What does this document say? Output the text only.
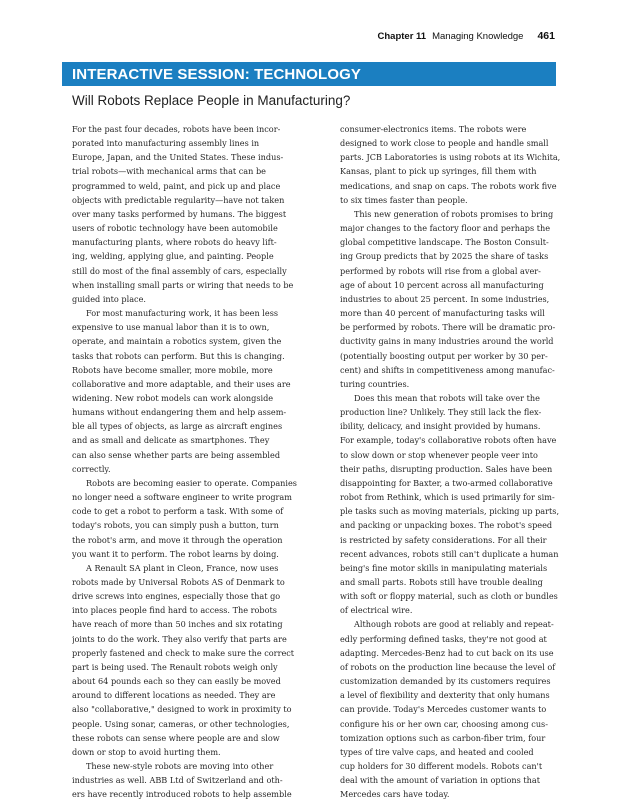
Chapter 11 Managing Knowledge 461
INTERACTIVE SESSION: TECHNOLOGY
Will Robots Replace People in Manufacturing?

For the past four decades, robots have been incor-

porated into manufacturing assembly lines in

Europe, Japan, and the United States. These indus-

trial robots—with mechanical arms that can be

programmed to weld, paint, and pick up and place

objects with predictable regularity—have not taken

over many tasks performed by humans. The biggest

users of robotic technology have been automobile

manufacturing plants, where robots do heavy lift-

ing, welding, applying glue, and painting. People

still do most of the final assembly of cars, especially

when installing small parts or wiring that needs to be

guided into place.

For most manufacturing work, it has been less

expensive to use manual labor than it is to own,

operate, and maintain a robotics system, given the

tasks that robots can perform. But this is changing.

Robots have become smaller, more mobile, more

collaborative and more adaptable, and their uses are

widening. New robot models can work alongside

humans without endangering them and help assem-

ble all types of objects, as large as aircraft engines

and as small and delicate as smartphones. They

can also sense whether parts are being assembled

correctly.

Robots are becoming easier to operate. Companies

no longer need a software engineer to write program

code to get a robot to perform a task. With some of

today's robots, you can simply push a button, turn

the robot's arm, and move it through the operation

you want it to perform. The robot learns by doing.

A Renault SA plant in Cleon, France, now uses

robots made by Universal Robots AS of Denmark to

drive screws into engines, especially those that go

into places people find hard to access. The robots

have reach of more than 50 inches and six rotating

joints to do the work. They also verify that parts are

properly fastened and check to make sure the correct

part is being used. The Renault robots weigh only

about 64 pounds each so they can easily be moved

around to different locations as needed. They are

also "collaborative," designed to work in proximity to

people. Using sonar, cameras, or other technologies,

these robots can sense where people are and slow

down or stop to avoid hurting them.

These new-style robots are moving into other

industries as well. ABB Ltd of Switzerland and oth-

ers have recently introduced robots to help assemble

consumer-electronics items. The robots were

designed to work close to people and handle small

parts. JCB Laboratories is using robots at its Wichita,

Kansas, plant to pick up syringes, fill them with

medications, and snap on caps. The robots work five

to six times faster than people.

This new generation of robots promises to bring

major changes to the factory floor and perhaps the

global competitive landscape. The Boston Consult-

ing Group predicts that by 2025 the share of tasks

performed by robots will rise from a global aver-

age of about 10 percent across all manufacturing

industries to about 25 percent. In some industries,

more than 40 percent of manufacturing tasks will

be performed by robots. There will be dramatic pro-

ductivity gains in many industries around the world

(potentially boosting output per worker by 30 per-

cent) and shifts in competitiveness among manufac-

turing countries.

Does this mean that robots will take over the

production line? Unlikely. They still lack the flex-

ibility, delicacy, and insight provided by humans.

For example, today's collaborative robots often have

to slow down or stop whenever people veer into

their paths, disrupting production. Sales have been

disappointing for Baxter, a two-armed collaborative

robot from Rethink, which is used primarily for sim-

ple tasks such as moving materials, picking up parts,

and packing or unpacking boxes. The robot's speed

is restricted by safety considerations. For all their

recent advances, robots still can't duplicate a human

being's fine motor skills in manipulating materials

and small parts. Robots still have trouble dealing

with soft or floppy material, such as cloth or bundles

of electrical wire.

Although robots are good at reliably and repeat-

edly performing defined tasks, they're not good at

adapting. Mercedes-Benz had to cut back on its use

of robots on the production line because the level of

customization demanded by its customers requires

a level of flexibility and dexterity that only humans

can provide. Today's Mercedes customer wants to

configure his or her own car, choosing among cus-

tomization options such as carbon-fiber trim, four

types of tire valve caps, and heated and cooled

cup holders for 30 different models. Robots can't

deal with the amount of variation in options that

Mercedes cars have today.
